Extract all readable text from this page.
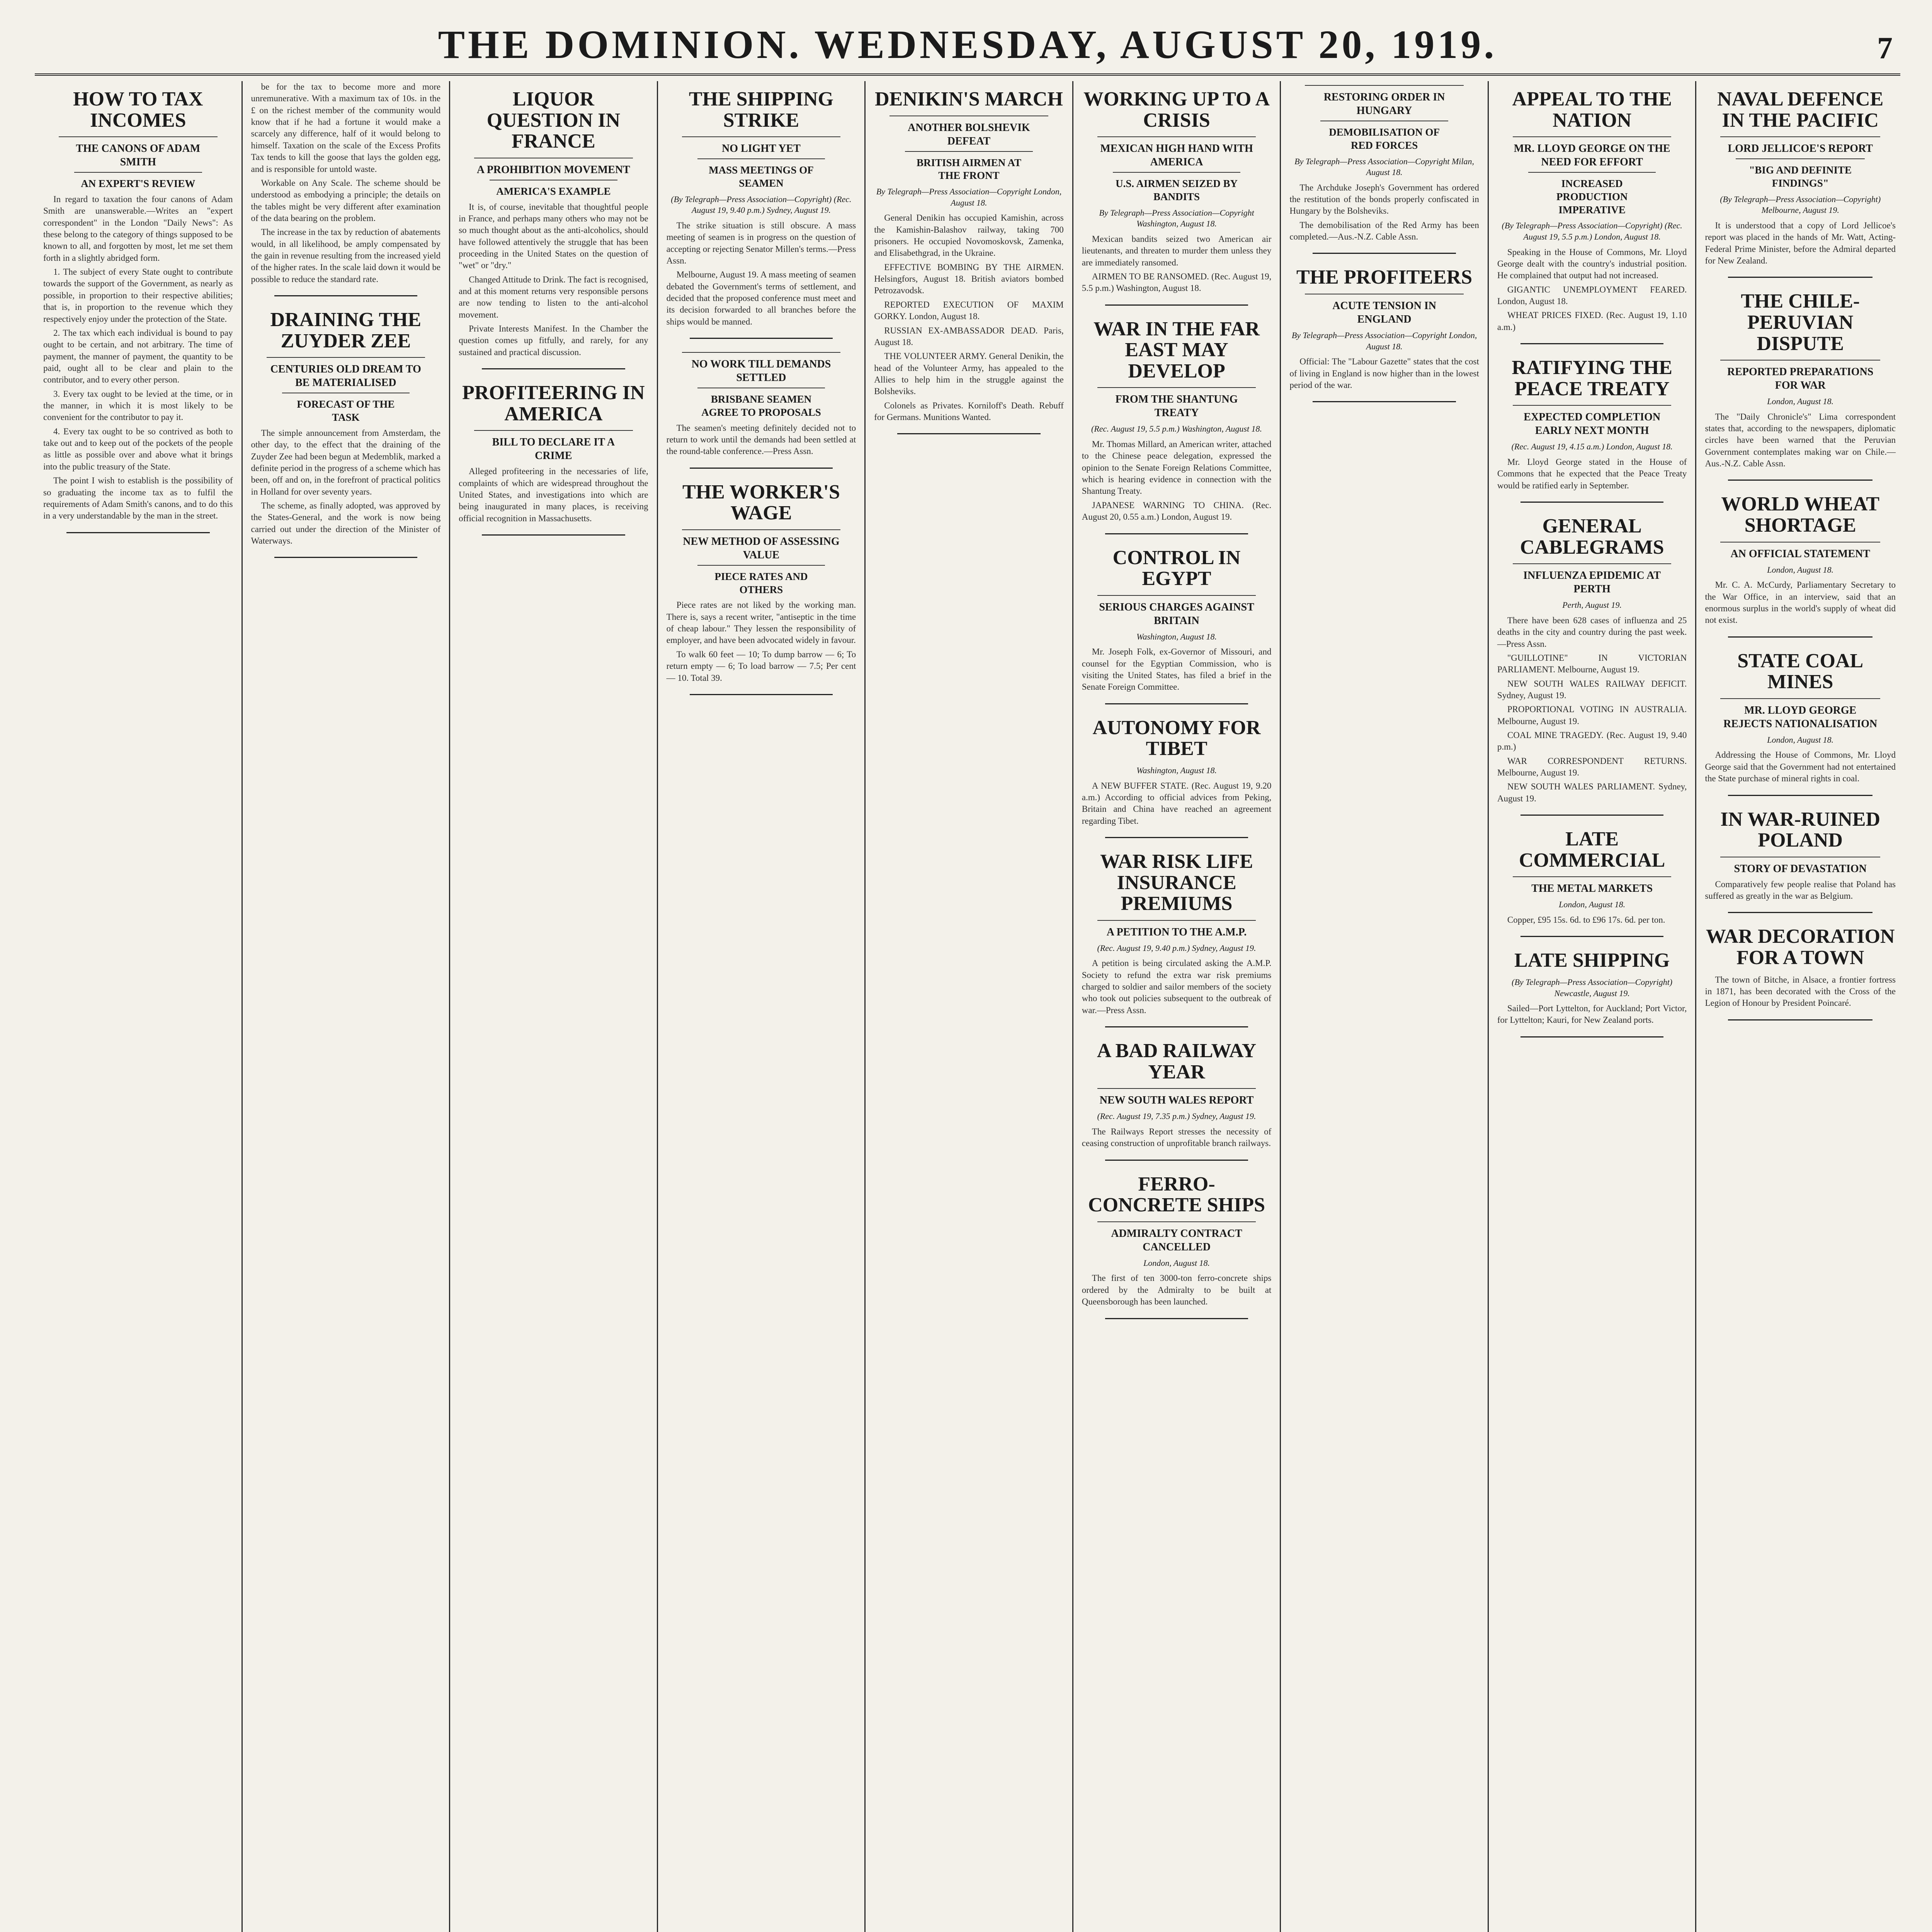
THE DOMINION. WEDNESDAY, AUGUST 20, 1919.	7
HOW TO TAX INCOMES
THE CANONS OF ADAM SMITH
AN EXPERT'S REVIEW

In regard to taxation the four canons of Adam Smith are unanswerable.—Writes an "expert correspondent" in the London "Daily News": As these belong to the category of things supposed to be known to all, and forgotten by most, let me set them forth in a slightly abridged form.

1. The subject of every State ought to contribute towards the support of the Government, as nearly as possible, in proportion to their respective abilities; that is, in proportion to the revenue which they respectively enjoy under the protection of the State.

2. The tax which each individual is bound to pay ought to be certain, and not arbitrary. The time of payment, the manner of payment, the quantity to be paid, ought all to be clear and plain to the contributor, and to every other person.

3. Every tax ought to be levied at the time, or in the manner, in which it is most likely to be convenient for the contributor to pay it.

4. Every tax ought to be so contrived as both to take out and to keep out of the pockets of the people as little as possible over and above what it brings into the public treasury of the State.

The point I wish to establish is the possibility of so graduating the income tax as to fulfil the requirements of Adam Smith's canons, and to do this in a very understandable by the man in the street.

be for the tax to become more and more unremunerative. With a maximum tax of 10s. in the £ on the richest member of the community would know that if he had a fortune it would make a scarcely any difference, half of it would belong to himself. Taxation on the scale of the Excess Profits Tax tends to kill the goose that lays the golden egg, and is responsible for untold waste.

Workable on Any Scale. The scheme should be understood as embodying a principle; the details on the tables might be very different after examination of the data bearing on the problem.

The increase in the tax by reduction of abatements would, in all likelihood, be amply compensated by the gain in revenue resulting from the increased yield of the higher rates. In the scale laid down it would be possible to reduce the standard rate.

DRAINING THE ZUYDER ZEE
CENTURIES OLD DREAM TO BE MATERIALISED
FORECAST OF THE TASK

The simple announcement from Amsterdam, the other day, to the effect that the draining of the Zuyder Zee had been begun at Medemblik, marked a definite period in the progress of a scheme which has been, off and on, in the forefront of practical politics in Holland for over seventy years.

The scheme, as finally adopted, was approved by the States-General, and the work is now being carried out under the direction of the Minister of Waterways.

LIQUOR QUESTION IN FRANCE
A PROHIBITION MOVEMENT
AMERICA'S EXAMPLE

It is, of course, inevitable that thoughtful people in France, and perhaps many others who may not be so much thought about as the anti-alcoholics, should have followed attentively the struggle that has been proceeding in the United States on the question of "wet" or "dry."

Changed Attitude to Drink. The fact is recognised, and at this moment returns very responsible persons are now tending to listen to the anti-alcohol movement.

Private Interests Manifest. In the Chamber the question comes up fitfully, and rarely, for any sustained and practical discussion.

PROFITEERING IN AMERICA
BILL TO DECLARE IT A CRIME

Alleged profiteering in the necessaries of life, complaints of which are widespread throughout the United States, and investigations into which are being inaugurated in many places, is receiving official recognition in Massachusetts.

THE SHIPPING STRIKE
NO LIGHT YET
MASS MEETINGS OF SEAMEN
(By Telegraph—Press Association—Copyright) (Rec. August 19, 9.40 p.m.) Sydney, August 19.

The strike situation is still obscure. A mass meeting of seamen is in progress on the question of accepting or rejecting Senator Millen's terms.—Press Assn.

Melbourne, August 19. A mass meeting of seamen debated the Government's terms of settlement, and decided that the proposed conference must meet and its decision forwarded to all branches before the ships would be manned.

NO WORK TILL DEMANDS SETTLED
BRISBANE SEAMEN AGREE TO PROPOSALS

The seamen's meeting definitely decided not to return to work until the demands had been settled at the round-table conference.—Press Assn.

THE WORKER'S WAGE
NEW METHOD OF ASSESSING VALUE
PIECE RATES AND OTHERS

Piece rates are not liked by the working man. There is, says a recent writer, "antiseptic in the time of cheap labour." They lessen the responsibility of employer, and have been advocated widely in favour.

To walk 60 feet — 10; To dump barrow — 6; To return empty — 6; To load barrow — 7.5; Per cent — 10. Total 39.

DENIKIN'S MARCH
ANOTHER BOLSHEVIK DEFEAT
BRITISH AIRMEN AT THE FRONT
By Telegraph—Press Association—Copyright London, August 18.

General Denikin has occupied Kamishin, across the Kamishin-Balashov railway, taking 700 prisoners. He occupied Novomoskovsk, Zamenka, and Elisabethgrad, in the Ukraine.

EFFECTIVE BOMBING BY THE AIRMEN. Helsingfors, August 18. British aviators bombed Petrozavodsk.

REPORTED EXECUTION OF MAXIM GORKY. London, August 18.

RUSSIAN EX-AMBASSADOR DEAD. Paris, August 18.

THE VOLUNTEER ARMY. General Denikin, the head of the Volunteer Army, has appealed to the Allies to help him in the struggle against the Bolsheviks.

Colonels as Privates. Korniloff's Death. Rebuff for Germans. Munitions Wanted.

WORKING UP TO A CRISIS
MEXICAN HIGH HAND WITH AMERICA
U.S. AIRMEN SEIZED BY BANDITS
By Telegraph—Press Association—Copyright Washington, August 18.

Mexican bandits seized two American air lieutenants, and threaten to murder them unless they are immediately ransomed.

AIRMEN TO BE RANSOMED. (Rec. August 19, 5.5 p.m.) Washington, August 18.

WAR IN THE FAR EAST MAY DEVELOP
FROM THE SHANTUNG TREATY
(Rec. August 19, 5.5 p.m.) Washington, August 18.

Mr. Thomas Millard, an American writer, attached to the Chinese peace delegation, expressed the opinion to the Senate Foreign Relations Committee, which is hearing evidence in connection with the Shantung Treaty.

JAPANESE WARNING TO CHINA. (Rec. August 20, 0.55 a.m.) London, August 19.

CONTROL IN EGYPT
SERIOUS CHARGES AGAINST BRITAIN
Washington, August 18.

Mr. Joseph Folk, ex-Governor of Missouri, and counsel for the Egyptian Commission, who is visiting the United States, has filed a brief in the Senate Foreign Committee.

AUTONOMY FOR TIBET
Washington, August 18.

A NEW BUFFER STATE. (Rec. August 19, 9.20 a.m.) According to official advices from Peking, Britain and China have reached an agreement regarding Tibet.

WAR RISK LIFE INSURANCE PREMIUMS
A PETITION TO THE A.M.P.
(Rec. August 19, 9.40 p.m.) Sydney, August 19.

A petition is being circulated asking the A.M.P. Society to refund the extra war risk premiums charged to soldier and sailor members of the society who took out policies subsequent to the outbreak of war.—Press Assn.

A BAD RAILWAY YEAR
NEW SOUTH WALES REPORT
(Rec. August 19, 7.35 p.m.) Sydney, August 19.

The Railways Report stresses the necessity of ceasing construction of unprofitable branch railways.

FERRO-CONCRETE SHIPS
ADMIRALTY CONTRACT CANCELLED
London, August 18.

The first of ten 3000-ton ferro-concrete ships ordered by the Admiralty to be built at Queensborough has been launched.

RESTORING ORDER IN HUNGARY
DEMOBILISATION OF RED FORCES
By Telegraph—Press Association—Copyright Milan, August 18.

The Archduke Joseph's Government has ordered the restitution of the bonds properly confiscated in Hungary by the Bolsheviks.

The demobilisation of the Red Army has been completed.—Aus.-N.Z. Cable Assn.

THE PROFITEERS
ACUTE TENSION IN ENGLAND
By Telegraph—Press Association—Copyright London, August 18.

Official: The "Labour Gazette" states that the cost of living in England is now higher than in the lowest period of the war.

APPEAL TO THE NATION
MR. LLOYD GEORGE ON THE NEED FOR EFFORT
INCREASED PRODUCTION IMPERATIVE
(By Telegraph—Press Association—Copyright) (Rec. August 19, 5.5 p.m.) London, August 18.

Speaking in the House of Commons, Mr. Lloyd George dealt with the country's industrial position. He complained that output had not increased.

GIGANTIC UNEMPLOYMENT FEARED. London, August 18.

WHEAT PRICES FIXED. (Rec. August 19, 1.10 a.m.)

RATIFYING THE PEACE TREATY
EXPECTED COMPLETION EARLY NEXT MONTH
(Rec. August 19, 4.15 a.m.) London, August 18.

Mr. Lloyd George stated in the House of Commons that he expected that the Peace Treaty would be ratified early in September.

GENERAL CABLEGRAMS
INFLUENZA EPIDEMIC AT PERTH
Perth, August 19.

There have been 628 cases of influenza and 25 deaths in the city and country during the past week.—Press Assn.

"GUILLOTINE" IN VICTORIAN PARLIAMENT. Melbourne, August 19.

NEW SOUTH WALES RAILWAY DEFICIT. Sydney, August 19.

PROPORTIONAL VOTING IN AUSTRALIA. Melbourne, August 19.

COAL MINE TRAGEDY. (Rec. August 19, 9.40 p.m.)

WAR CORRESPONDENT RETURNS. Melbourne, August 19.

NEW SOUTH WALES PARLIAMENT. Sydney, August 19.

LATE COMMERCIAL
THE METAL MARKETS
London, August 18.

Copper, £95 15s. 6d. to £96 17s. 6d. per ton.

LATE SHIPPING
(By Telegraph—Press Association—Copyright) Newcastle, August 19.

Sailed—Port Lyttelton, for Auckland; Port Victor, for Lyttelton; Kauri, for New Zealand ports.

NAVAL DEFENCE IN THE PACIFIC
LORD JELLICOE'S REPORT
"BIG AND DEFINITE FINDINGS"
(By Telegraph—Press Association—Copyright) Melbourne, August 19.

It is understood that a copy of Lord Jellicoe's report was placed in the hands of Mr. Watt, Acting-Federal Prime Minister, before the Admiral departed for New Zealand.

THE CHILE-PERUVIAN DISPUTE
REPORTED PREPARATIONS FOR WAR
London, August 18.

The "Daily Chronicle's" Lima correspondent states that, according to the newspapers, diplomatic circles have been warned that the Peruvian Government contemplates making war on Chile.—Aus.-N.Z. Cable Assn.

WORLD WHEAT SHORTAGE
AN OFFICIAL STATEMENT
London, August 18.

Mr. C. A. McCurdy, Parliamentary Secretary to the War Office, in an interview, said that an enormous surplus in the world's supply of wheat did not exist.

STATE COAL MINES
MR. LLOYD GEORGE REJECTS NATIONALISATION
London, August 18.

Addressing the House of Commons, Mr. Lloyd George said that the Government had not entertained the State purchase of mineral rights in coal.

IN WAR-RUINED POLAND
STORY OF DEVASTATION

Comparatively few people realise that Poland has suffered as greatly in the war as Belgium.

WAR DECORATION FOR A TOWN

The town of Bitche, in Alsace, a frontier fortress in 1871, has been decorated with the Cross of the Legion of Honour by President Poincaré.
